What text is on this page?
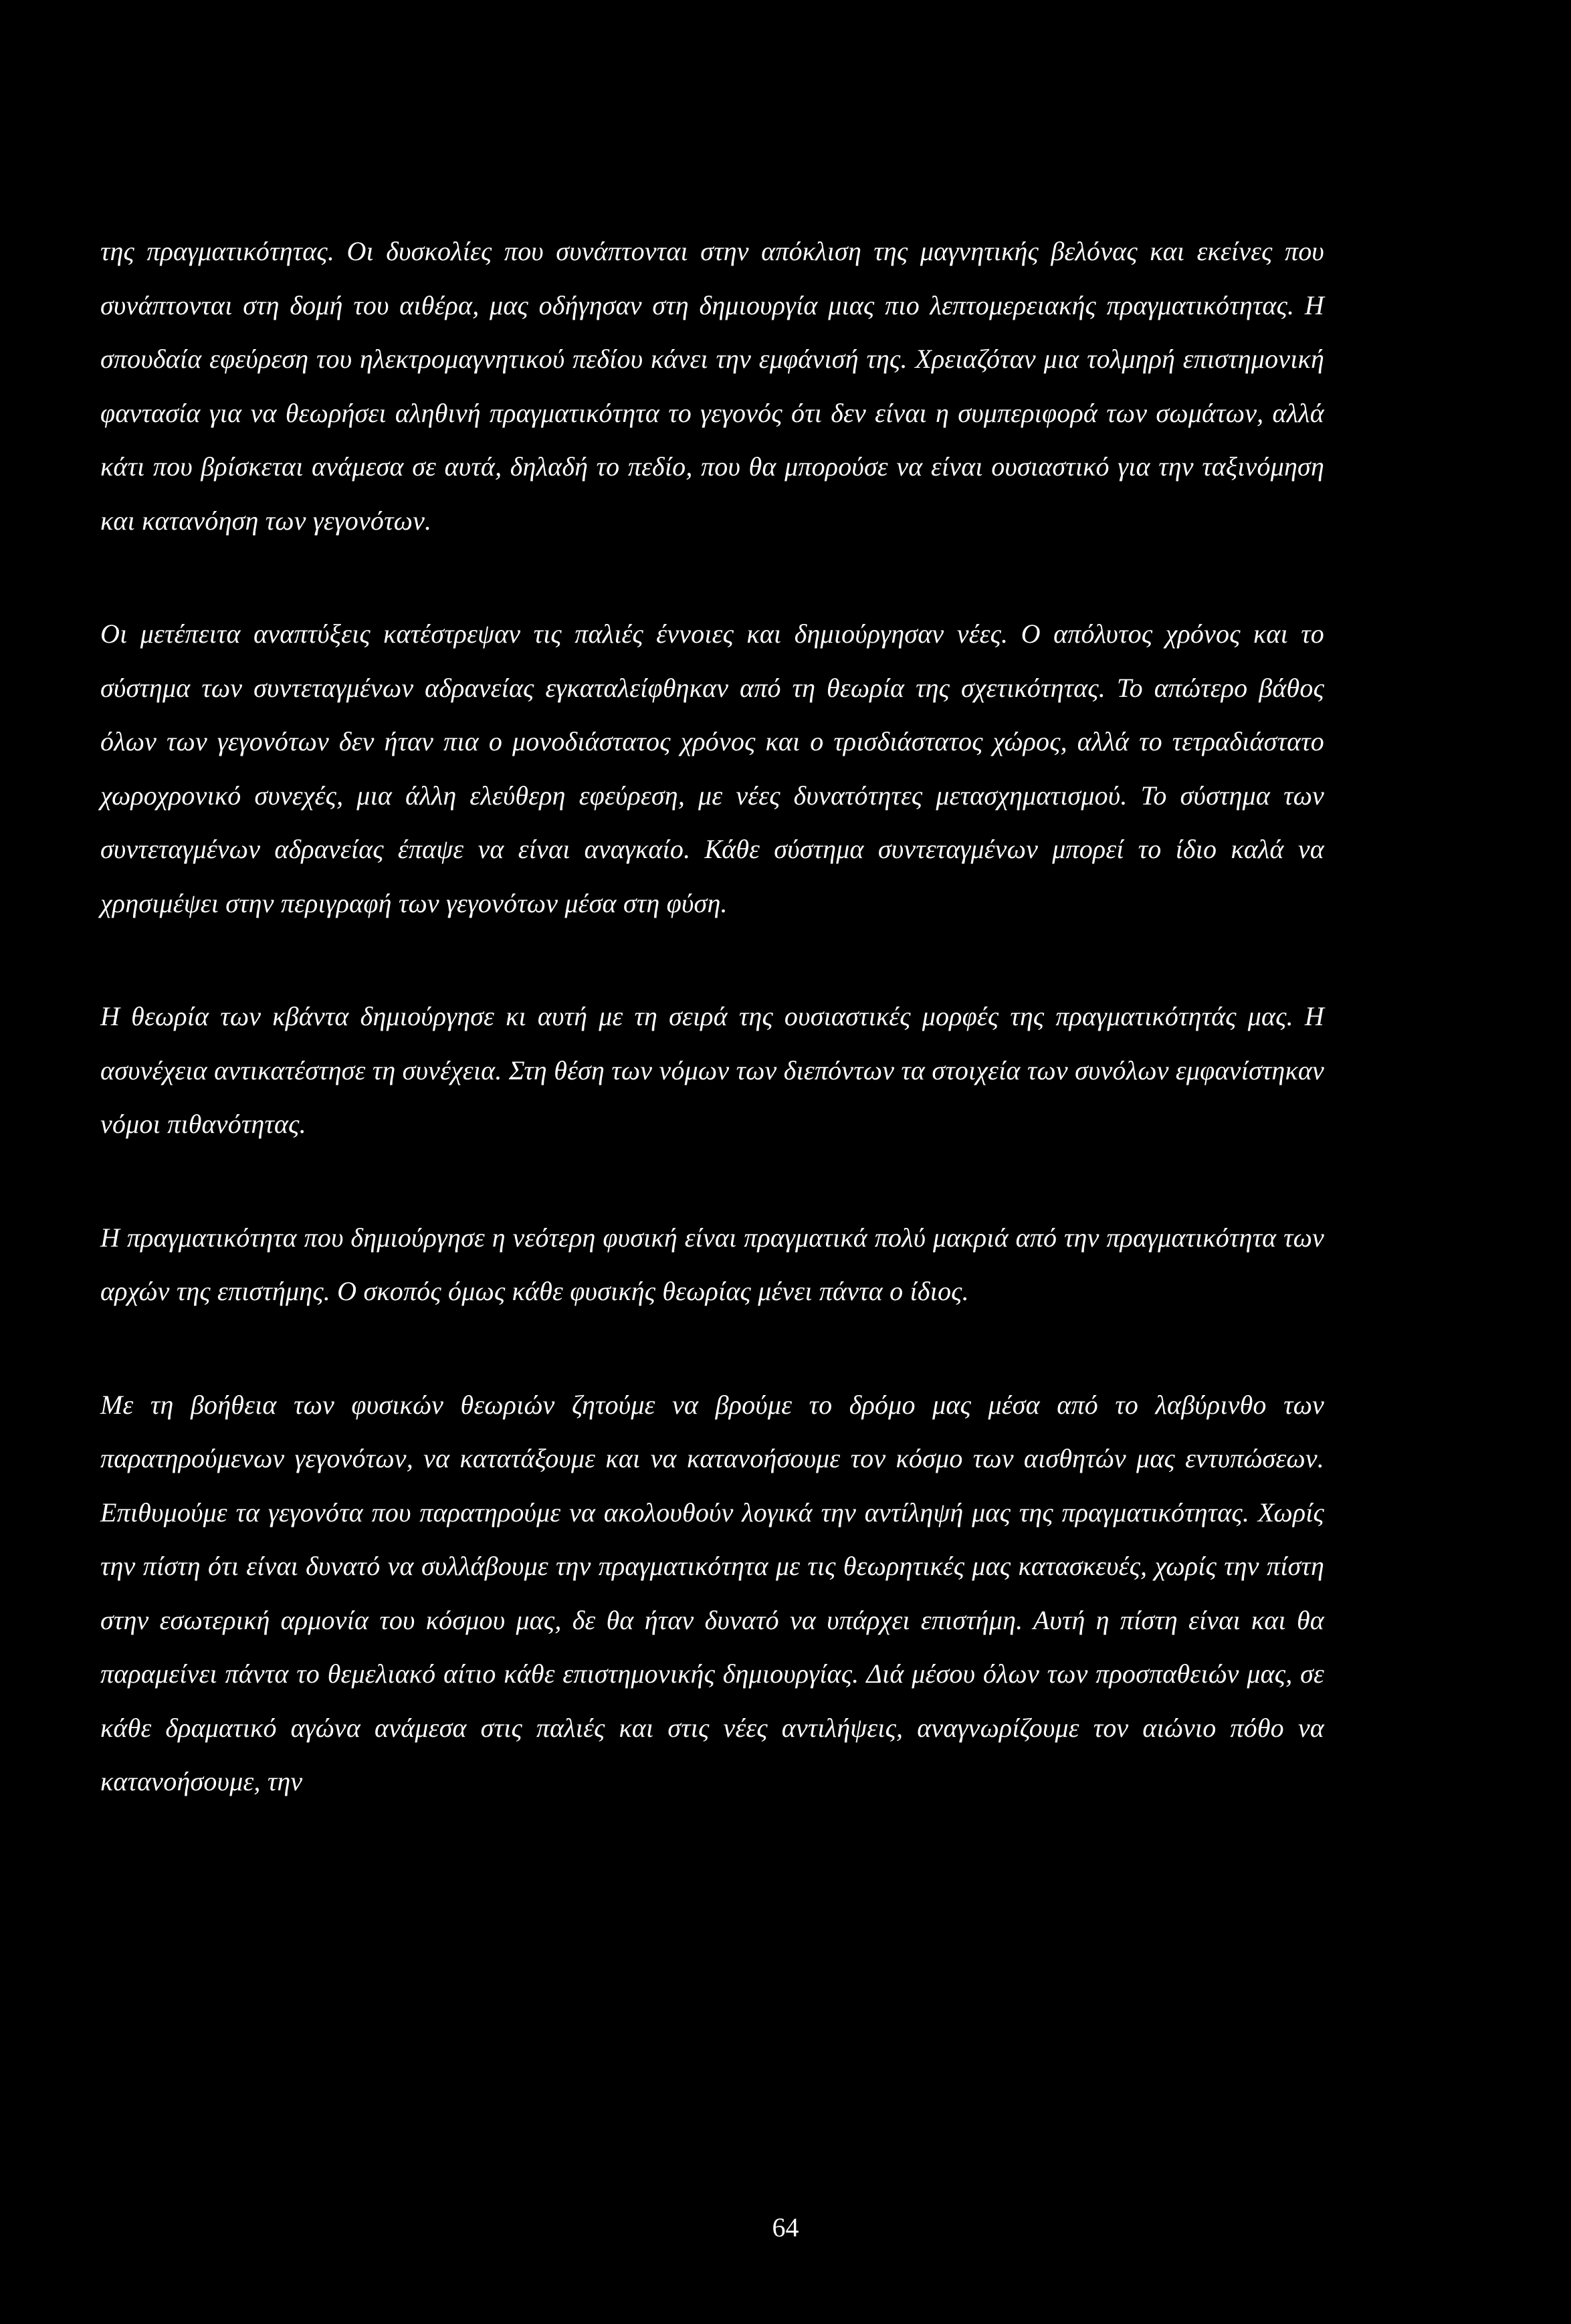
της πραγματικότητας. Οι δυσκολίες που συνάπτονται στην απόκλιση της μαγνητικής βελόνας και εκείνες που συνάπτονται στη δομή του αιθέρα, μας οδήγησαν στη δημιουργία μιας πιο λεπτομερειακής πραγματικότητας. Η σπουδαία εφεύρεση του ηλεκτρομαγνητικού πεδίου κάνει την εμφάνισή της. Χρειαζόταν μια τολμηρή επιστημονική φαντασία για να θεωρήσει αληθινή πραγματικότητα το γεγονός ότι δεν είναι η συμπεριφορά των σωμάτων, αλλά κάτι που βρίσκεται ανάμεσα σε αυτά, δηλαδή το πεδίο, που θα μπορούσε να είναι ουσιαστικό για την ταξινόμηση και κατανόηση των γεγονότων.

Οι μετέπειτα αναπτύξεις κατέστρεψαν τις παλιές έννοιες και δημιούργησαν νέες. Ο απόλυτος χρόνος και το σύστημα των συντεταγμένων αδρανείας εγκαταλείφθηκαν από τη θεωρία της σχετικότητας. Το απώτερο βάθος όλων των γεγονότων δεν ήταν πια ο μονοδιάστατος χρόνος και ο τρισδιάστατος χώρος, αλλά το τετραδιάστατο χωροχρονικό συνεχές, μια άλλη ελεύθερη εφεύρεση, με νέες δυνατότητες μετασχηματισμού. Το σύστημα των συντεταγμένων αδρανείας έπαψε να είναι αναγκαίο. Κάθε σύστημα συντεταγμένων μπορεί το ίδιο καλά να χρησιμέψει στην περιγραφή των γεγονότων μέσα στη φύση.

Η θεωρία των κβάντα δημιούργησε κι αυτή με τη σειρά της ουσιαστικές μορφές της πραγματικότητάς μας. Η ασυνέχεια αντικατέστησε τη συνέχεια. Στη θέση των νόμων των διεπόντων τα στοιχεία των συνόλων εμφανίστηκαν νόμοι πιθανότητας.

Η πραγματικότητα που δημιούργησε η νεότερη φυσική είναι πραγματικά πολύ μακριά από την πραγματικότητα των αρχών της επιστήμης. Ο σκοπός όμως κάθε φυσικής θεωρίας μένει πάντα ο ίδιος.

Με τη βοήθεια των φυσικών θεωριών ζητούμε να βρούμε το δρόμο μας μέσα από το λαβύρινθο των παρατηρούμενων γεγονότων, να κατατάξουμε και να κατανοήσουμε τον κόσμο των αισθητών μας εντυπώσεων. Επιθυμούμε τα γεγονότα που παρατηρούμε να ακολουθούν λογικά την αντίληψή μας της πραγματικότητας. Χωρίς την πίστη ότι είναι δυνατό να συλλάβουμε την πραγματικότητα με τις θεωρητικές μας κατασκευές, χωρίς την πίστη στην εσωτερική αρμονία του κόσμου μας, δε θα ήταν δυνατό να υπάρχει επιστήμη. Αυτή η πίστη είναι και θα παραμείνει πάντα το θεμελιακό αίτιο κάθε επιστημονικής δημιουργίας. Διά μέσου όλων των προσπαθειών μας, σε κάθε δραματικό αγώνα ανάμεσα στις παλιές και στις νέες αντιλήψεις, αναγνωρίζουμε τον αιώνιο πόθο να κατανοήσουμε, την

64
